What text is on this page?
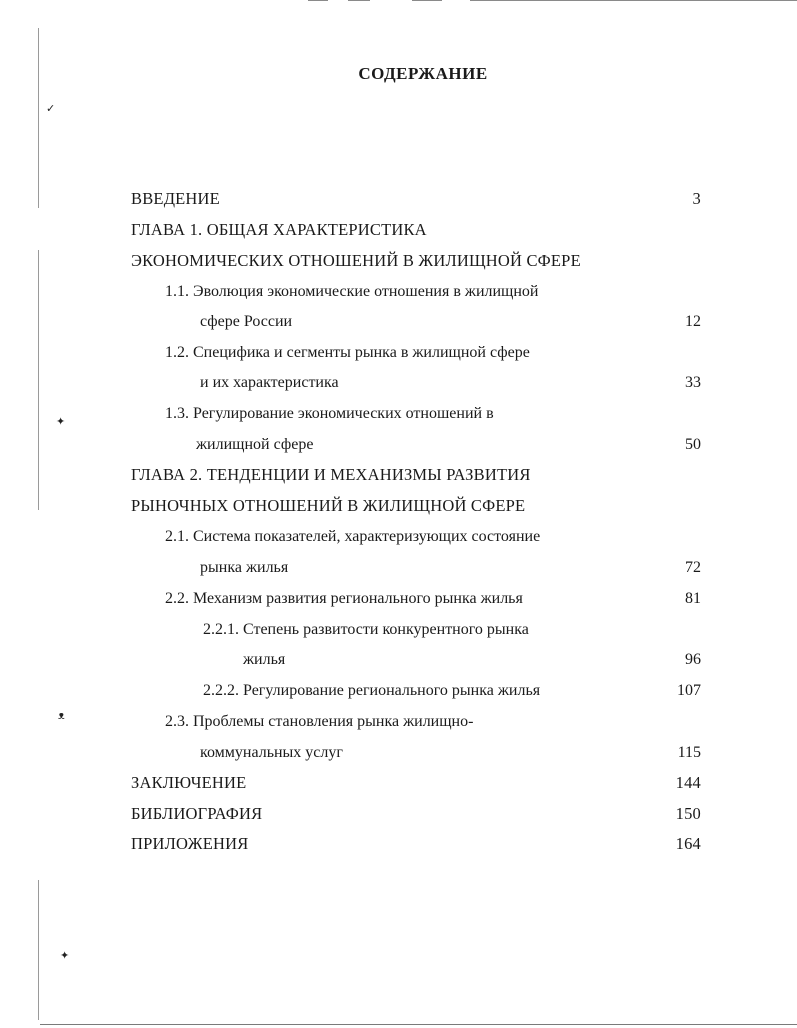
✓
✦
ᴥ
✦
СОДЕРЖАНИЕ
ВВЕДЕНИЕ	3
ГЛАВА 1. ОБЩАЯ ХАРАКТЕРИСТИКА
ЭКОНОМИЧЕСКИХ ОТНОШЕНИЙ В ЖИЛИЩНОЙ СФЕРЕ
1.1. Эволюция экономические отношения в жилищной
сфере России	12
1.2. Специфика и сегменты рынка в жилищной сфере
и их характеристика	33
1.3. Регулирование экономических отношений в
жилищной сфере	50
ГЛАВА 2. ТЕНДЕНЦИИ И МЕХАНИЗМЫ РАЗВИТИЯ
РЫНОЧНЫХ ОТНОШЕНИЙ В ЖИЛИЩНОЙ СФЕРЕ
2.1. Система показателей, характеризующих состояние
рынка жилья	72
2.2. Механизм развития регионального рынка жилья	81
2.2.1. Степень развитости конкурентного рынка
жилья	96
2.2.2. Регулирование регионального рынка жилья	107
2.3. Проблемы становления рынка жилищно-
коммунальных услуг	115
ЗАКЛЮЧЕНИЕ	144
БИБЛИОГРАФИЯ	150
ПРИЛОЖЕНИЯ	164
